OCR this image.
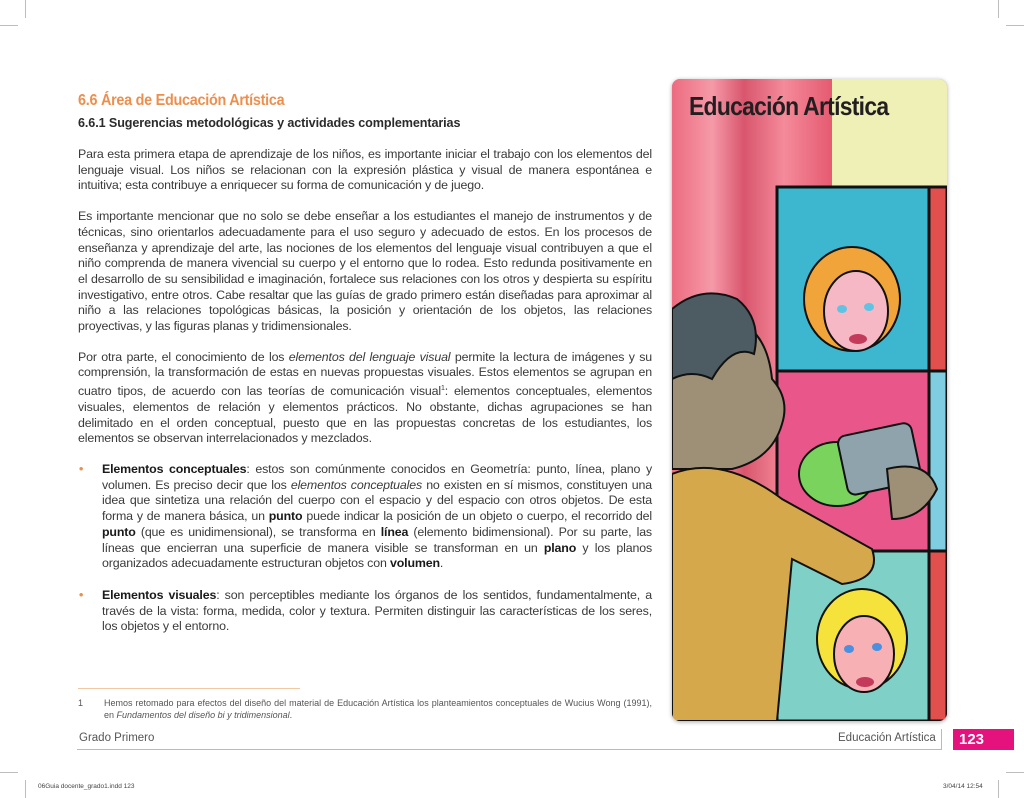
6.6 Área de Educación Artística
6.6.1 Sugerencias metodológicas y actividades complementarias

Para esta primera etapa de aprendizaje de los niños, es importante iniciar el trabajo con los elementos del lenguaje visual. Los niños se relacionan con la expresión plástica y visual de manera espontánea e intuitiva; esta contribuye a enriquecer su forma de comunicación y de juego.

Es importante mencionar que no solo se debe enseñar a los estudiantes el manejo de instrumentos y de técnicas, sino orientarlos adecuadamente para el uso seguro y adecuado de estos. En los procesos de enseñanza y aprendizaje del arte, las nociones de los elementos del lenguaje visual contribuyen a que el niño comprenda de manera vivencial su cuerpo y el entorno que lo rodea. Esto redunda positivamente en el desarrollo de su sensibilidad e imaginación, fortalece sus relaciones con los otros y despierta su espíritu investigativo, entre otros. Cabe resaltar que las guías de grado primero están diseñadas para aproximar al niño a las relaciones topológicas básicas, la posición y orientación de los objetos, las relaciones proyectivas, y las figuras planas y tridimensionales.

Por otra parte, el conocimiento de los elementos del lenguaje visual permite la lectura de imágenes y su comprensión, la transformación de estas en nuevas propuestas visuales. Estos elementos se agrupan en cuatro tipos, de acuerdo con las teorías de comunicación visual$^1$: elementos conceptuales, elementos visuales, elementos de relación y elementos prácticos. No obstante, dichas agrupaciones se han delimitado en el orden conceptual, puesto que en las propuestas concretas de los estudiantes, los elementos se observan interrelacionados y mezclados.

• Elementos conceptuales: estos son comúnmente conocidos en Geometría: punto, línea, plano y volumen. Es preciso decir que los elementos conceptuales no existen en sí mismos, constituyen una idea que sintetiza una relación del cuerpo con el espacio y del espacio con otros objetos. De esta forma y de manera básica, un punto puede indicar la posición de un objeto o cuerpo, el recorrido del punto (que es unidimensional), se transforma en línea (elemento bidimensional). Por su parte, las líneas que encierran una superficie de manera visible se transforman en un plano y los planos organizados adecuadamente estructuran objetos con volumen.
• Elementos visuales: son perceptibles mediante los órganos de los sentidos, fundamentalmente, a través de la vista: forma, medida, color y textura. Permiten distinguir las características de los seres, los objetos y el entorno.
1 Hemos retomado para efectos del diseño del material de Educación Artística los planteamientos conceptuales de Wucius Wong (1991), en Fundamentos del diseño bi y tridimensional.
Educación Artística
Grado Primero	Educación Artística	123
06Guia docente_grado1.indd 123	3/04/14 12:54
